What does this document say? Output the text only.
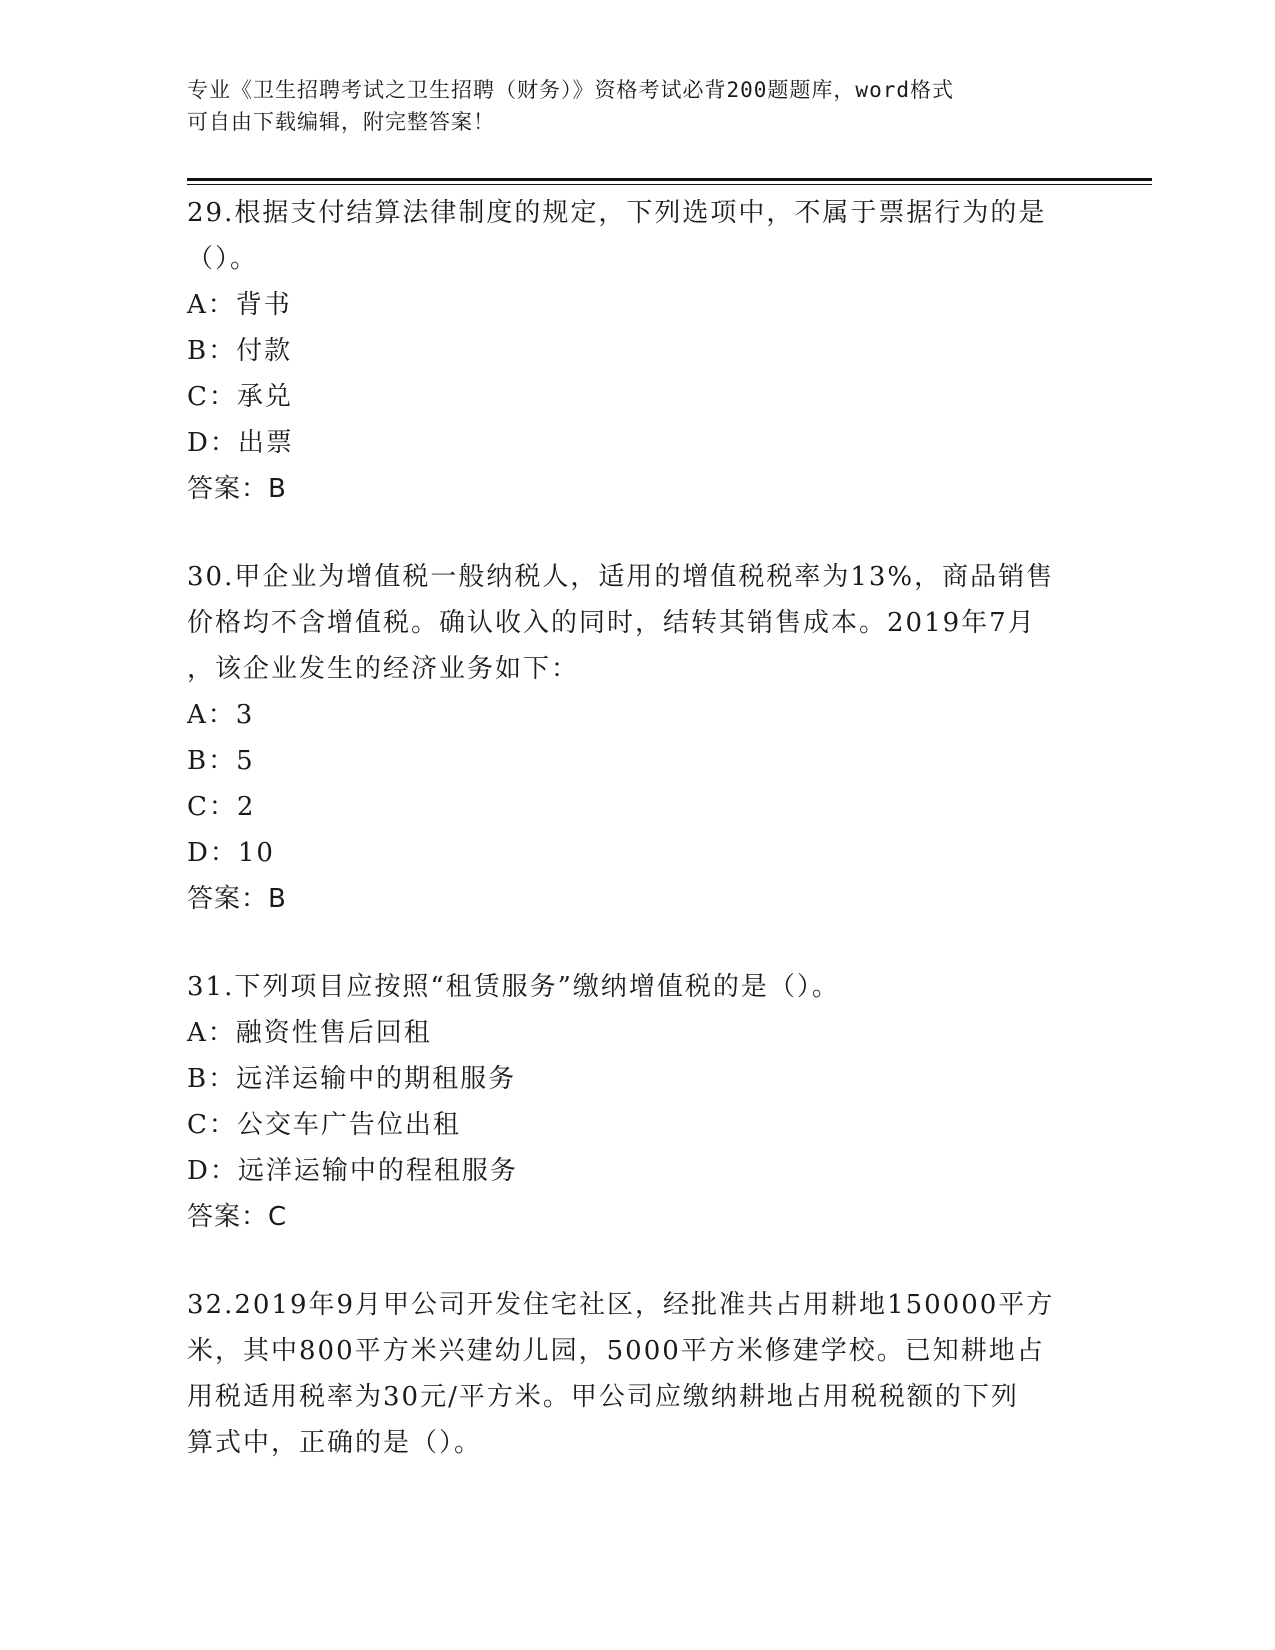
专业《卫生招聘考试之卫生招聘（财务）》资格考试必背200题题库，word格式
可自由下载编辑，附完整答案！

29.根据支付结算法律制度的规定，下列选项中，不属于票据行为的是

（）。

A：背书

B：付款

C：承兑

D：出票

答案：B

30.甲企业为增值税一般纳税人，适用的增值税税率为13%，商品销售

价格均不含增值税。确认收入的同时，结转其销售成本。2019年7月

，该企业发生的经济业务如下：

A：3

B：5

C：2

D：10

答案：B

31.下列项目应按照“租赁服务”缴纳增值税的是（）。

A：融资性售后回租

B：远洋运输中的期租服务

C：公交车广告位出租

D：远洋运输中的程租服务

答案：C

32.2019年9月甲公司开发住宅社区，经批准共占用耕地150000平方

米，其中800平方米兴建幼儿园，5000平方米修建学校。已知耕地占

用税适用税率为30元/平方米。甲公司应缴纳耕地占用税税额的下列

算式中，正确的是（）。
